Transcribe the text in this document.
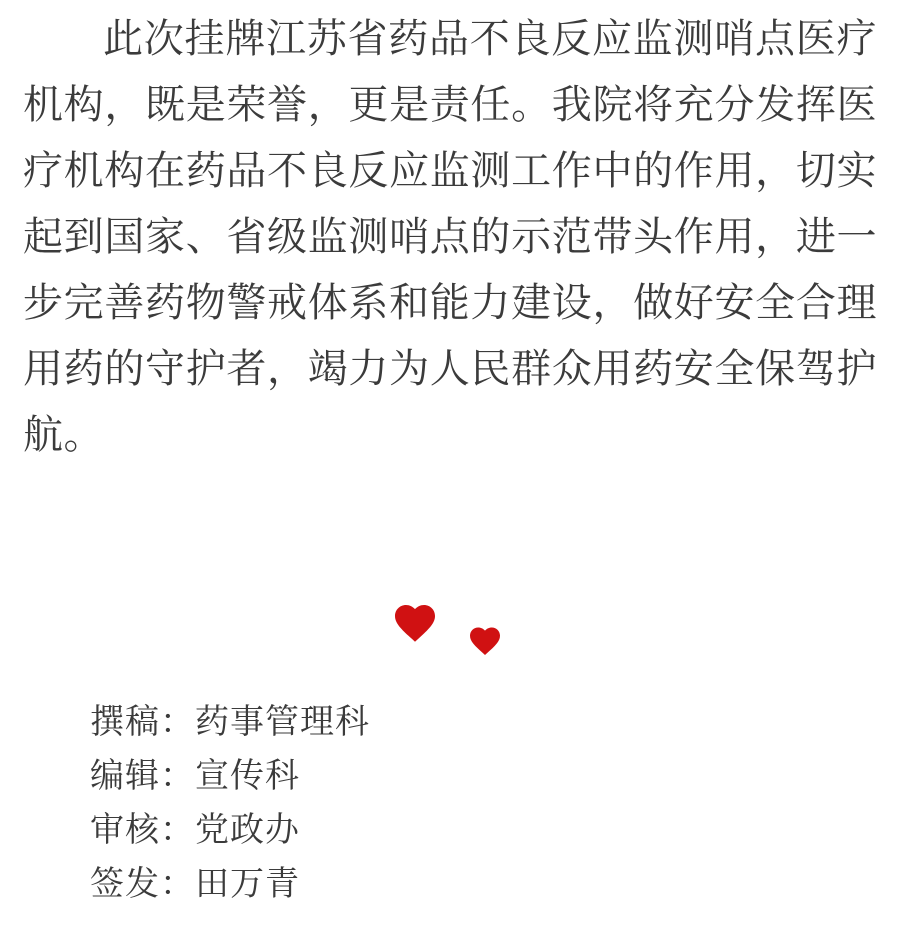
此次挂牌江苏省药品不良反应监测哨点医疗机构，既是荣誉，更是责任。我院将充分发挥医疗机构在药品不良反应监测工作中的作用，切实起到国家、省级监测哨点的示范带头作用，进一步完善药物警戒体系和能力建设，做好安全合理用药的守护者，竭力为人民群众用药安全保驾护航。

撰稿：药事管理科
编辑：宣传科
审核：党政办
签发：田万青
